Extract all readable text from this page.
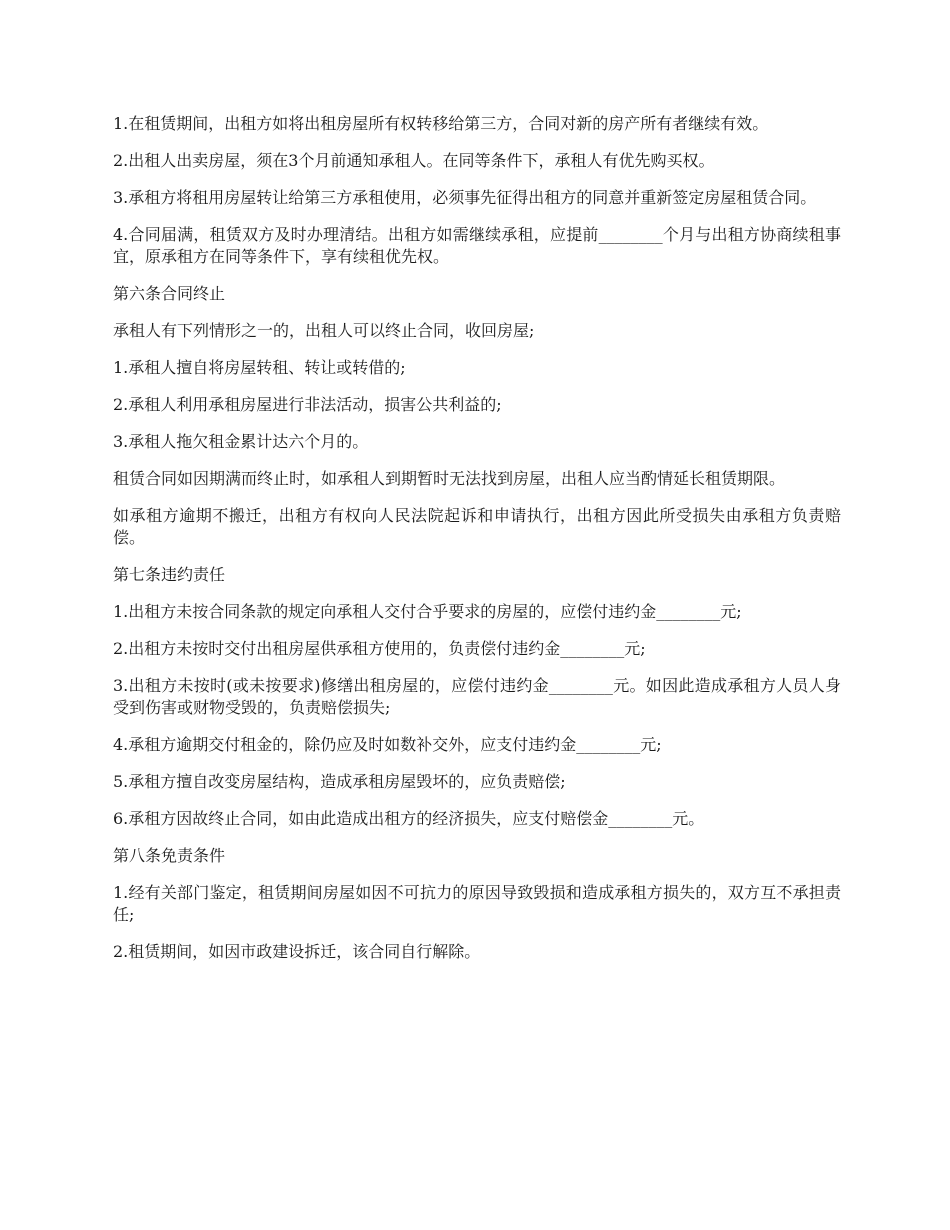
1.在租赁期间，出租方如将出租房屋所有权转移给第三方，合同对新的房产所有者继续有效。

2.出租人出卖房屋，须在3个月前通知承租人。在同等条件下，承租人有优先购买权。

3.承租方将租用房屋转让给第三方承租使用，必须事先征得出租方的同意并重新签定房屋租赁合同。

4.合同届满，租赁双方及时办理清结。出租方如需继续承租，应提前________个月与出租方协商续租事宜，原承租方在同等条件下，享有续租优先权。

第六条合同终止

承租人有下列情形之一的，出租人可以终止合同，收回房屋;

1.承租人擅自将房屋转租、转让或转借的;

2.承租人利用承租房屋进行非法活动，损害公共利益的;

3.承租人拖欠租金累计达六个月的。

租赁合同如因期满而终止时，如承租人到期暂时无法找到房屋，出租人应当酌情延长租赁期限。

如承租方逾期不搬迁，出租方有权向人民法院起诉和申请执行，出租方因此所受损失由承租方负责赔偿。

第七条违约责任

1.出租方未按合同条款的规定向承租人交付合乎要求的房屋的，应偿付违约金________元;

2.出租方未按时交付出租房屋供承租方使用的，负责偿付违约金________元;

3.出租方未按时(或未按要求)修缮出租房屋的，应偿付违约金________元。如因此造成承租方人员人身受到伤害或财物受毁的，负责赔偿损失;

4.承租方逾期交付租金的，除仍应及时如数补交外，应支付违约金________元;

5.承租方擅自改变房屋结构，造成承租房屋毁坏的，应负责赔偿;

6.承租方因故终止合同，如由此造成出租方的经济损失，应支付赔偿金________元。

第八条免责条件

1.经有关部门鉴定，租赁期间房屋如因不可抗力的原因导致毁损和造成承租方损失的，双方互不承担责任;

2.租赁期间，如因市政建设拆迁，该合同自行解除。
